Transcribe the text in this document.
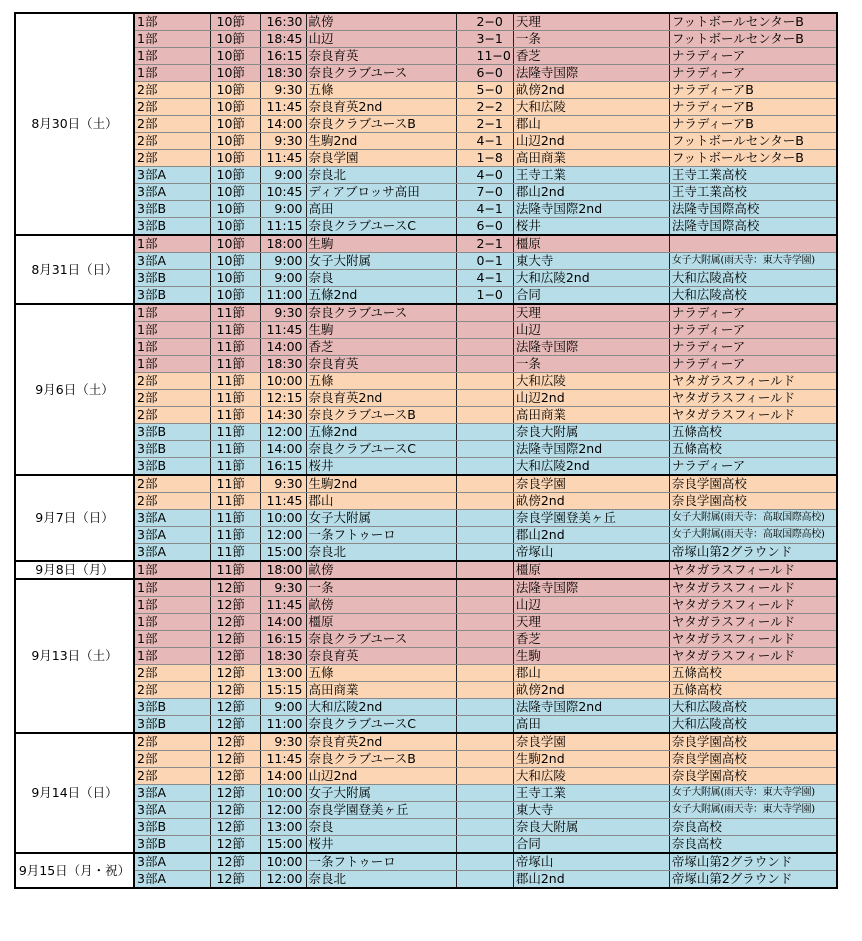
8月30日（土）	1部	10節	16:30	畝傍	2−0	天理	フットボールセンターB
	1部	10節	18:45	山辺	3−1	一条	フットボールセンターB
	1部	10節	16:15	奈良育英	11−0	香芝	ナラディーア
	1部	10節	18:30	奈良クラブユース	6−0	法隆寺国際	ナラディーア
	2部	10節	9:30	五條	5−0	畝傍2nd	ナラディーアB
	2部	10節	11:45	奈良育英2nd	2−2	大和広陵	ナラディーアB
	2部	10節	14:00	奈良クラブユースB	2−1	郡山	ナラディーアB
	2部	10節	9:30	生駒2nd	4−1	山辺2nd	フットボールセンターB
	2部	10節	11:45	奈良学園	1−8	高田商業	フットボールセンターB
	3部A	10節	9:00	奈良北	4−0	王寺工業	王寺工業高校
	3部A	10節	10:45	ディアブロッサ高田	7−0	郡山2nd	王寺工業高校
	3部B	10節	9:00	高田	4−1	法隆寺国際2nd	法隆寺国際高校
	3部B	10節	11:15	奈良クラブユースC	6−0	桜井	法隆寺国際高校
8月31日（日）	1部	10節	18:00	生駒	2−1	橿原	
	3部A	10節	9:00	女子大附属	0−1	東大寺	女子大附属(雨天寺：東大寺学園)
	3部B	10節	9:00	奈良	4−1	大和広陵2nd	大和広陵高校
	3部B	10節	11:00	五條2nd	1−0	合同	大和広陵高校
9月6日（土）	1部	11節	9:30	奈良クラブユース		天理	ナラディーア
	1部	11節	11:45	生駒		山辺	ナラディーア
	1部	11節	14:00	香芝		法隆寺国際	ナラディーア
	1部	11節	18:30	奈良育英		一条	ナラディーア
	2部	11節	10:00	五條		大和広陵	ヤタガラスフィールド
	2部	11節	12:15	奈良育英2nd		山辺2nd	ヤタガラスフィールド
	2部	11節	14:30	奈良クラブユースB		高田商業	ヤタガラスフィールド
	3部B	11節	12:00	五條2nd		奈良大附属	五條高校
	3部B	11節	14:00	奈良クラブユースC		法隆寺国際2nd	五條高校
	3部B	11節	16:15	桜井		大和広陵2nd	ナラディーア
9月7日（日）	2部	11節	9:30	生駒2nd		奈良学園	奈良学園高校
	2部	11節	11:45	郡山		畝傍2nd	奈良学園高校
	3部A	11節	10:00	女子大附属		奈良学園登美ヶ丘	女子大附属(雨天寺：高取国際高校)
	3部A	11節	12:00	一条フトゥーロ		郡山2nd	女子大附属(雨天寺：高取国際高校)
	3部A	11節	15:00	奈良北		帝塚山	帝塚山第2グラウンド
9月8日（月）	1部	11節	18:00	畝傍		橿原	ヤタガラスフィールド
9月13日（土）	1部	12節	9:30	一条		法隆寺国際	ヤタガラスフィールド
	1部	12節	11:45	畝傍		山辺	ヤタガラスフィールド
	1部	12節	14:00	橿原		天理	ヤタガラスフィールド
	1部	12節	16:15	奈良クラブユース		香芝	ヤタガラスフィールド
	1部	12節	18:30	奈良育英		生駒	ヤタガラスフィールド
	2部	12節	13:00	五條		郡山	五條高校
	2部	12節	15:15	高田商業		畝傍2nd	五條高校
	3部B	12節	9:00	大和広陵2nd		法隆寺国際2nd	大和広陵高校
	3部B	12節	11:00	奈良クラブユースC		高田	大和広陵高校
9月14日（日）	2部	12節	9:30	奈良育英2nd		奈良学園	奈良学園高校
	2部	12節	11:45	奈良クラブユースB		生駒2nd	奈良学園高校
	2部	12節	14:00	山辺2nd		大和広陵	奈良学園高校
	3部A	12節	10:00	女子大附属		王寺工業	女子大附属(雨天寺：東大寺学園)
	3部A	12節	12:00	奈良学園登美ヶ丘		東大寺	女子大附属(雨天寺：東大寺学園)
	3部B	12節	13:00	奈良		奈良大附属	奈良高校
	3部B	12節	15:00	桜井		合同	奈良高校
9月15日（月・祝）	3部A	12節	10:00	一条フトゥーロ		帝塚山	帝塚山第2グラウンド
	3部A	12節	12:00	奈良北		郡山2nd	帝塚山第2グラウンド
